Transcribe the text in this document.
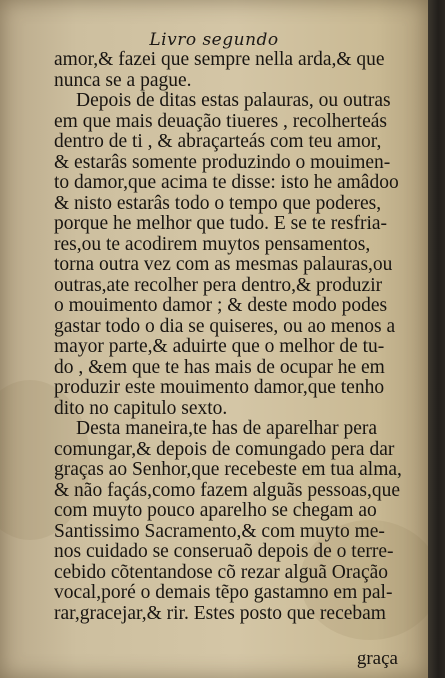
Livro segundo
amor,& fazei que sempre nella arda,& que
nunca se a pague.
Depois de ditas estas palauras, ou outras
em que mais deuação tiueres , recolherteás
dentro de ti , & abraçarteás com teu amor,
& estarâs somente produzindo o mouimen-
to damor,que acima te disse: isto he amâdoo
& nisto estarâs todo o tempo que poderes,
porque he melhor que tudo. E se te resfria-
res,ou te acodirem muytos pensamentos,
torna outra vez com as mesmas palauras,ou
outras,ate recolher pera dentro,& produzir
o mouimento damor ; & deste modo podes
gastar todo o dia se quiseres, ou ao menos a
mayor parte,& aduirte que o melhor de tu-
do , &em que te has mais de ocupar he em
produzir este mouimento damor,que tenho
dito no capitulo sexto.
Desta maneira,te has de aparelhar pera
comungar,& depois de comungado pera dar
graças ao Senhor,que recebeste em tua alma,
& não façás,como fazem alguãs pessoas,que
com muyto pouco aparelho se chegam ao
Santissimo Sacramento,& com muyto me-
nos cuidado se conseruaõ depois de o terre-
cebido cõtentandose cõ rezar alguã Oração
vocal,poré o demais tẽpo gastamno em pal-
rar,gracejar,& rir. Estes posto que recebam
graça
